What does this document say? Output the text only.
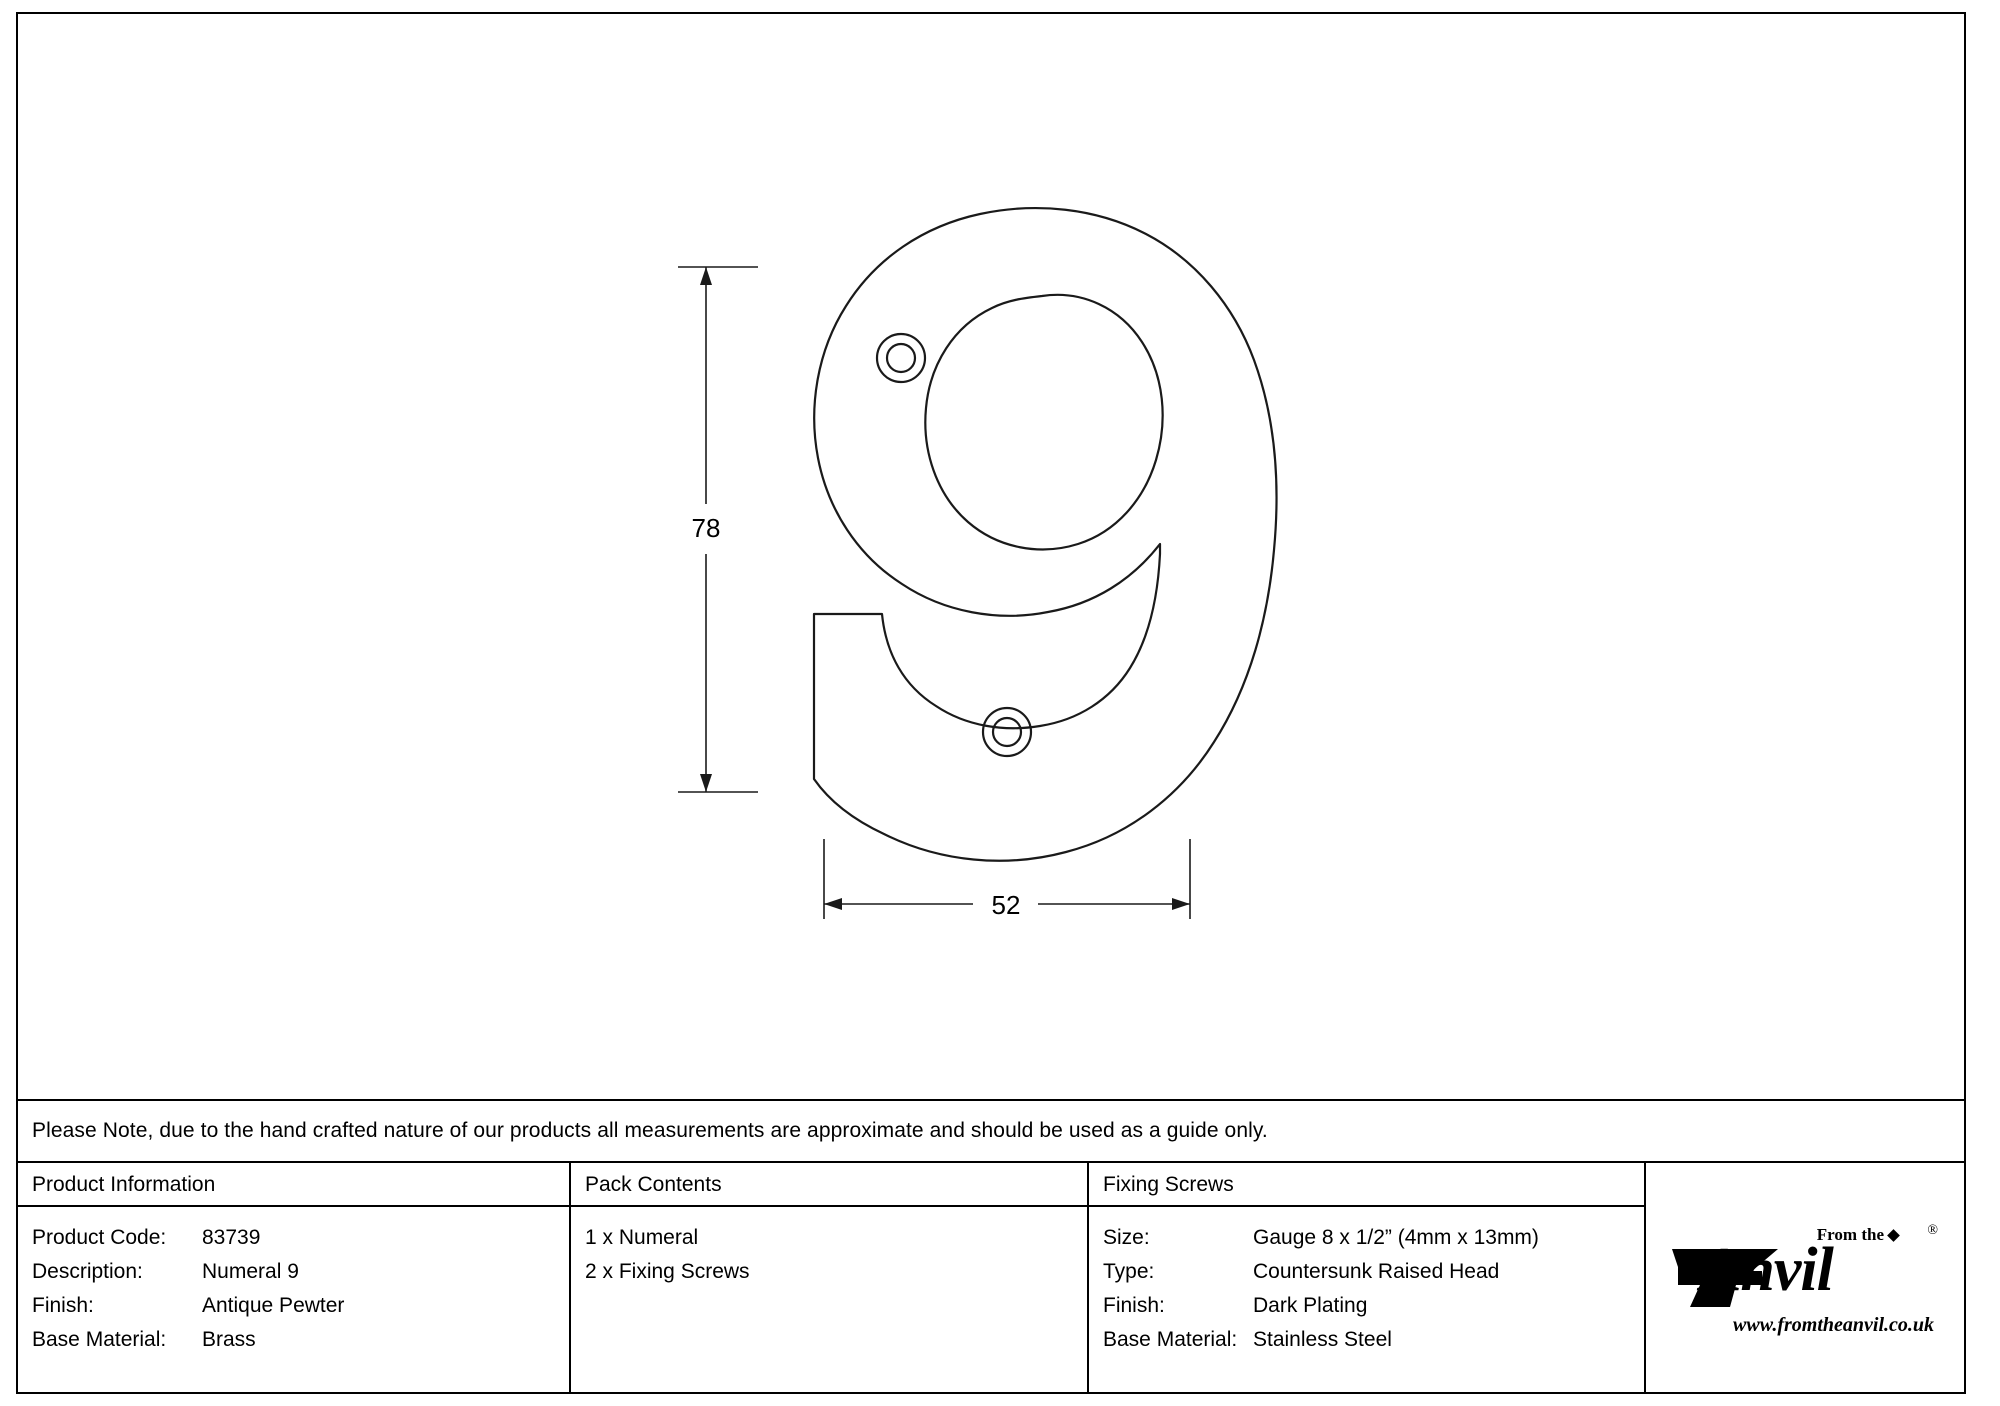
78
52
Please Note, due to the hand crafted nature of our products all measurements are approximate and should be used as a guide only.
Product Information
Product Code:	83739
Description:	Numeral 9
Finish:	Antique Pewter
Base Material:	Brass
Pack Contents
1 x Numeral
2 x Fixing Screws
Fixing Screws
Size:	Gauge 8 x 1/2” (4mm x 13mm)
Type:	Countersunk Raised Head
Finish:	Dark Plating
Base Material: Stainless Steel
From the	®
Anvil
www.fromtheanvil.co.uk
